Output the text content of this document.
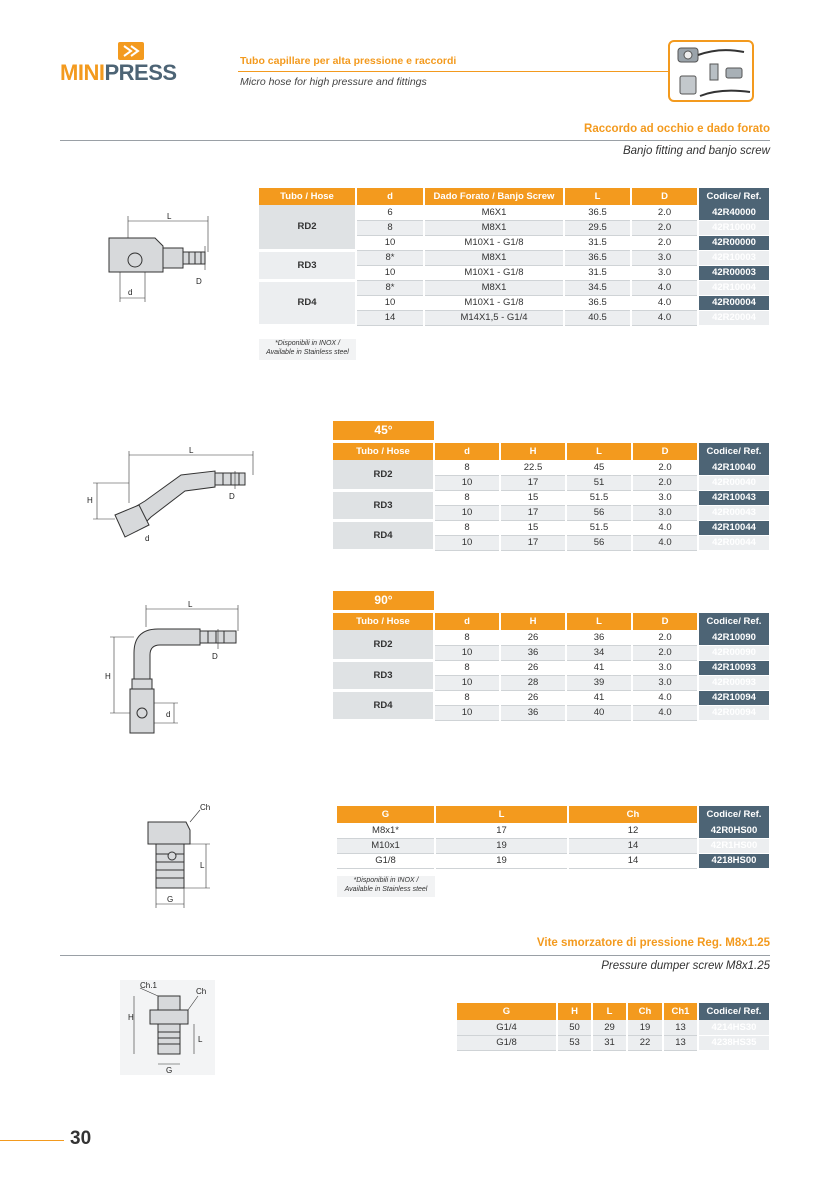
MINIPRESS	Tubo capillare per alta pressione e raccordi
Micro hose for high pressure and fittings
Raccordo ad occhio e dado forato
Banjo fitting and banjo screw
L
D
d
Tubo / Hose	d	Dado Forato / Banjo Screw	L	D	Codice/ Ref.
RD2	6	M6X1	36.5	2.0	42R40000
	8	M8X1	29.5	2.0	42R10000
	10	M10X1 - G1/8	31.5	2.0	42R00000
RD3	8*	M8X1	36.5	3.0	42R10003
	10	M10X1 - G1/8	31.5	3.0	42R00003
RD4	8*	M8X1	34.5	4.0	42R10004
	10	M10X1 - G1/8	36.5	4.0	42R00004
	14	M14X1,5 - G1/4	40.5	4.0	42R20004
*Disponibili in INOX /
Available in Stainless steel
L
H	D
d
45°
Tubo / Hose	d	H	L	D	Codice/ Ref.
RD2	8	22.5	45	2.0	42R10040
	10	17	51	2.0	42R00040
RD3	8	15	51.5	3.0	42R10043
	10	17	56	3.0	42R00043
RD4	8	15	51.5	4.0	42R10044
	10	17	56	4.0	42R00044
L
H
D
d
90°
Tubo / Hose	d	H	L	D	Codice/ Ref.
RD2	8	26	36	2.0	42R10090
	10	36	34	2.0	42R00090
RD3	8	26	41	3.0	42R10093
	10	28	39	3.0	42R00093
RD4	8	26	41	4.0	42R10094
	10	36	40	4.0	42R00094
Ch
L
G
G	L	Ch	Codice/ Ref.
M8x1*	17	12	42R0HS00
M10x1	19	14	42R1HS00
G1/8	19	14	4218HS00
*Disponibili in INOX /
Available in Stainless steel
Vite smorzatore di pressione Reg. M8x1.25
Pressure dumper screw M8x1.25
Ch.1
Ch
H
L
G
G	H	L	Ch	Ch1	Codice/ Ref.
G1/4	50	29	19	13	4214HS30
G1/8	53	31	22	13	4238HS35
30
